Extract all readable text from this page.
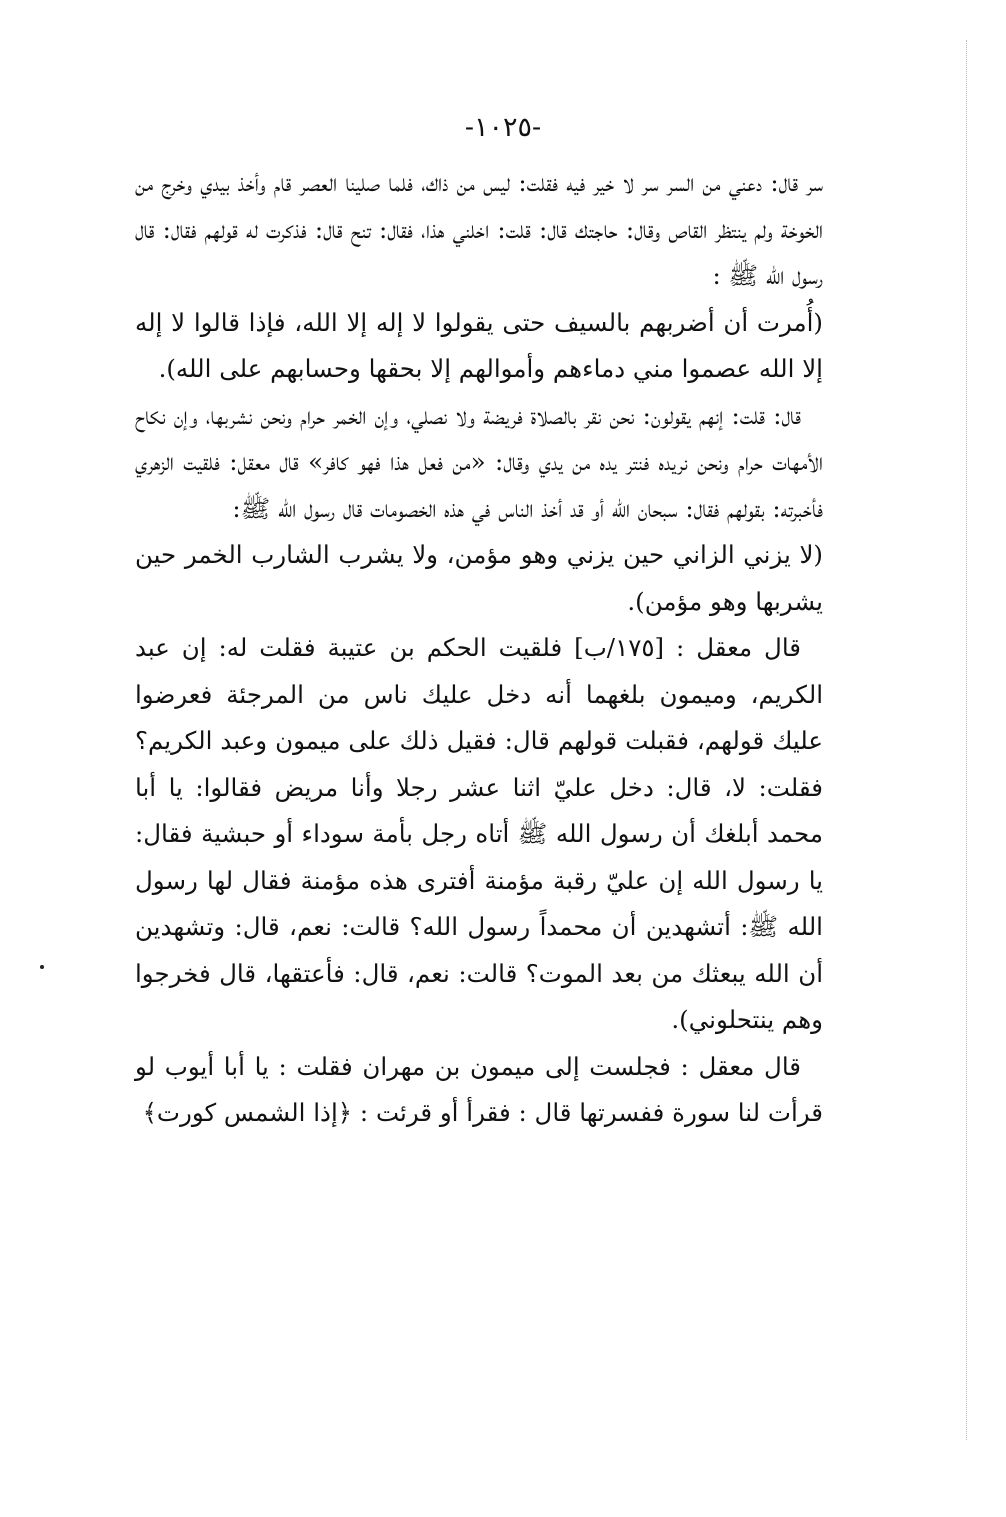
-١٠٢٥-

سر قال: دعني من السر سر لا خير فيه فقلت: ليس من ذاك، فلما صلينا العصر قام وأخذ بيدي وخرج من الخوخة ولم ينتظر القاص وقال: حاجتك قال: قلت: اخلني هذا، فقال: تنح قال: فذكرت له قولهم فقال: قال رسول الله ﷺ :

(أُمرت أن أضربهم بالسيف حتى يقولوا لا إله إلا الله، فإذا قالوا لا إله إلا الله عصموا مني دماءهم وأموالهم إلا بحقها وحسابهم على الله).

قال: قلت: إنهم يقولون: نحن نقر بالصلاة فريضة ولا نصلي، وإن الخمر حرام ونحن نشربها، وإن نكاح الأمهات حرام ونحن نريده فنتر يده من يدي وقال: «من فعل هذا فهو كافر» قال معقل: فلقيت الزهري فأخبرته: بقولهم فقال: سبحان الله أو قد أخذ الناس في هذه الخصومات قال رسول الله ﷺ:

(لا يزني الزاني حين يزني وهو مؤمن، ولا يشرب الشارب الخمر حين يشربها وهو مؤمن).

قال معقل : [١٧٥/ب] فلقيت الحكم بن عتيبة فقلت له: إن عبد الكريم، وميمون بلغهما أنه دخل عليك ناس من المرجئة فعرضوا عليك قولهم، فقبلت قولهم قال: فقيل ذلك على ميمون وعبد الكريم؟ فقلت: لا، قال: دخل عليّ اثنا عشر رجلا وأنا مريض فقالوا: يا أبا محمد أبلغك أن رسول الله ﷺ أتاه رجل بأمة سوداء أو حبشية فقال: يا رسول الله إن عليّ رقبة مؤمنة أفترى هذه مؤمنة فقال لها رسول الله ﷺ: أتشهدين أن محمداً رسول الله؟ قالت: نعم، قال: وتشهدين أن الله يبعثك من بعد الموت؟ قالت: نعم، قال: فأعتقها، قال فخرجوا وهم ينتحلوني).

قال معقل : فجلست إلى ميمون بن مهران فقلت : يا أبا أيوب لو قرأت لنا سورة ففسرتها قال : فقرأ أو قرئت : ﴿إذا الشمس كورت﴾
